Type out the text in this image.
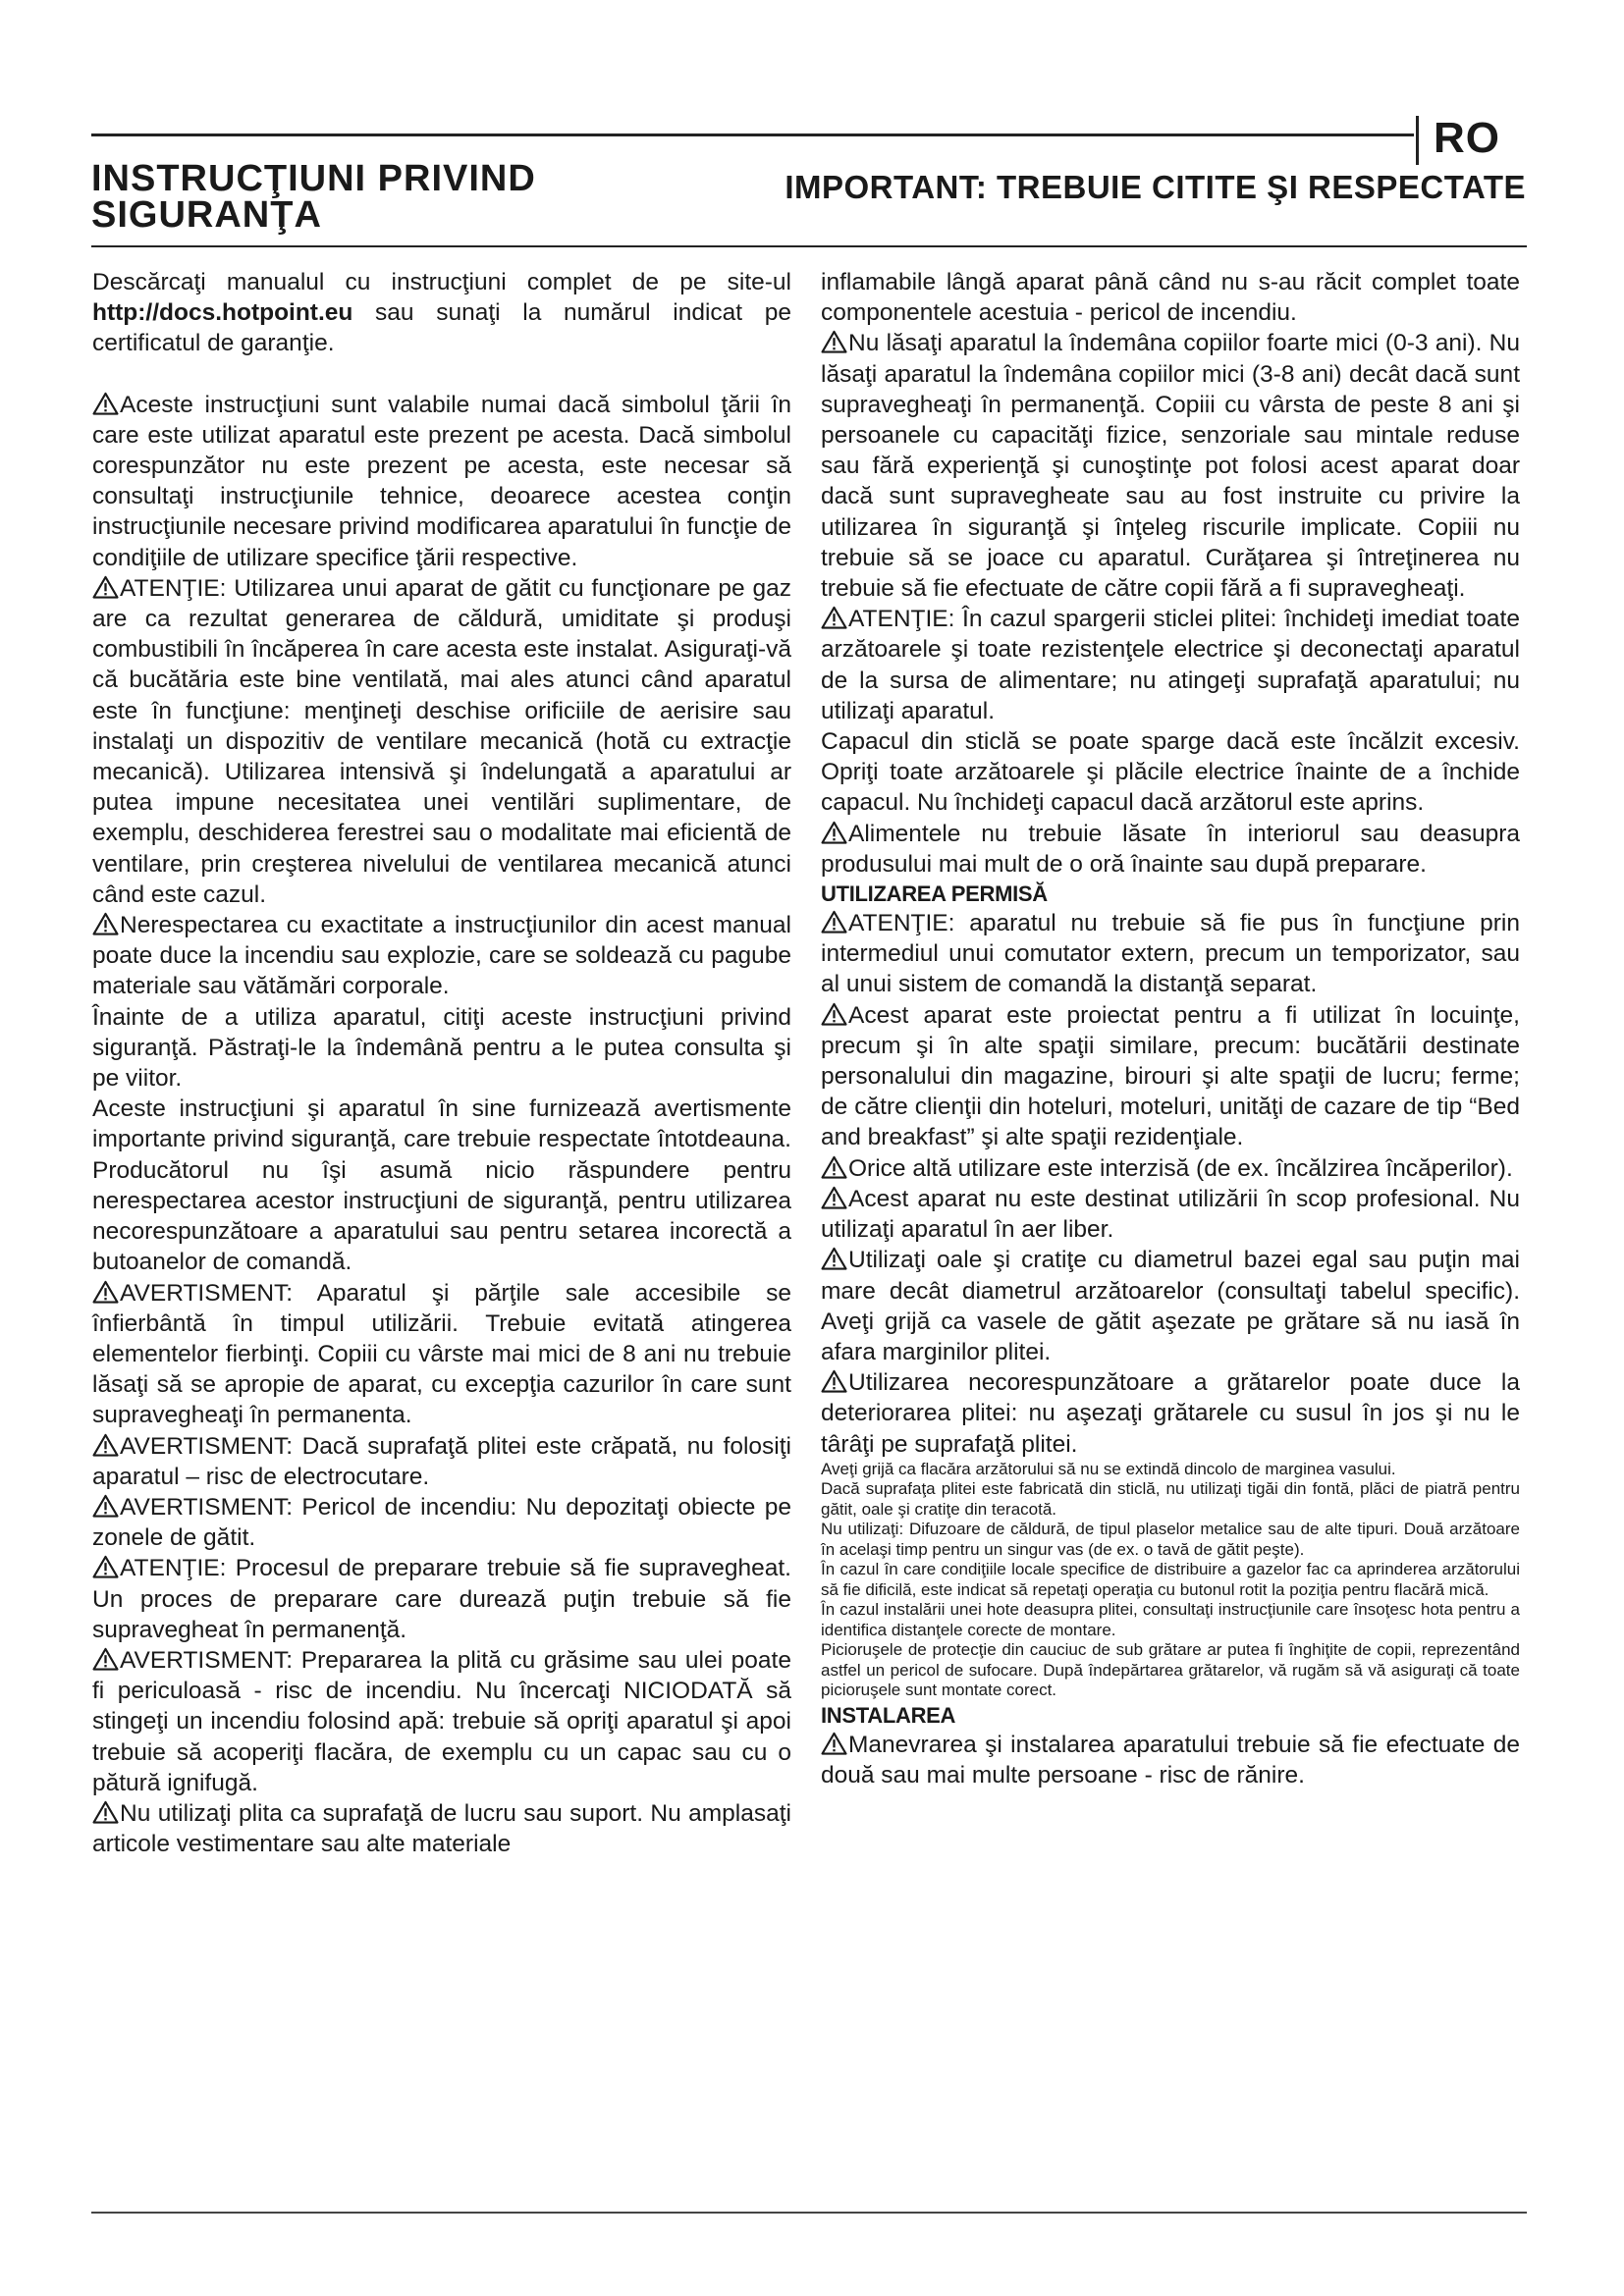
RO
INSTRUCŢIUNI PRIVIND
SIGURANŢA
IMPORTANT: TREBUIE CITITE ŞI RESPECTATE

Descărcaţi manualul cu instrucţiuni complet de pe site-ul http://docs.hotpoint.eu sau sunaţi la numărul indicat pe certificatul de garanţie.

Aceste instrucţiuni sunt valabile numai dacă simbolul ţării în care este utilizat aparatul este prezent pe acesta. Dacă simbolul corespunzător nu este prezent pe acesta, este necesar să consultaţi instrucţiunile tehnice, deoarece acestea conţin instrucţiunile necesare privind modificarea aparatului în funcţie de condiţiile de utilizare specifice ţării respective.

ATENŢIE: Utilizarea unui aparat de gătit cu funcţionare pe gaz are ca rezultat generarea de căldură, umiditate şi produşi combustibili în încăperea în care acesta este instalat. Asiguraţi-vă că bucătăria este bine ventilată, mai ales atunci când aparatul este în funcţiune: menţineţi deschise orificiile de aerisire sau instalaţi un dispozitiv de ventilare mecanică (hotă cu extracţie mecanică). Utilizarea intensivă şi îndelungată a aparatului ar putea impune necesitatea unei ventilări suplimentare, de exemplu, deschiderea ferestrei sau o modalitate mai eficientă de ventilare, prin creşterea nivelului de ventilarea mecanică atunci când este cazul.

Nerespectarea cu exactitate a instrucţiunilor din acest manual poate duce la incendiu sau explozie, care se soldează cu pagube materiale sau vătămări corporale.

Înainte de a utiliza aparatul, citiţi aceste instrucţiuni privind siguranţă. Păstraţi-le la îndemână pentru a le putea consulta şi pe viitor.

Aceste instrucţiuni şi aparatul în sine furnizează avertismente importante privind siguranţă, care trebuie respectate întotdeauna. Producătorul nu îşi asumă nicio răspundere pentru nerespectarea acestor instrucţiuni de siguranţă, pentru utilizarea necorespunzătoare a aparatului sau pentru setarea incorectă a butoanelor de comandă.

AVERTISMENT: Aparatul şi părţile sale accesibile se înfierbântă în timpul utilizării. Trebuie evitată atingerea elementelor fierbinţi. Copiii cu vârste mai mici de 8 ani nu trebuie lăsaţi să se apropie de aparat, cu excepţia cazurilor în care sunt supravegheaţi în permanenta.

AVERTISMENT: Dacă suprafaţă plitei este crăpată, nu folosiţi aparatul – risc de electrocutare.

AVERTISMENT: Pericol de incendiu: Nu depozitaţi obiecte pe zonele de gătit.

ATENŢIE: Procesul de preparare trebuie să fie supravegheat. Un proces de preparare care durează puţin trebuie să fie supravegheat în permanenţă.

AVERTISMENT: Prepararea la plită cu grăsime sau ulei poate fi periculoasă - risc de incendiu. Nu încercaţi NICIODATĂ să stingeţi un incendiu folosind apă: trebuie să opriţi aparatul şi apoi trebuie să acoperiţi flacăra, de exemplu cu un capac sau cu o pătură ignifugă.

Nu utilizaţi plita ca suprafaţă de lucru sau suport. Nu amplasaţi articole vestimentare sau alte materiale

inflamabile lângă aparat până când nu s-au răcit complet toate componentele acestuia - pericol de incendiu.

Nu lăsaţi aparatul la îndemâna copiilor foarte mici (0-3 ani). Nu lăsaţi aparatul la îndemâna copiilor mici (3-8 ani) decât dacă sunt supravegheaţi în permanenţă. Copiii cu vârsta de peste 8 ani şi persoanele cu capacităţi fizice, senzoriale sau mintale reduse sau fără experienţă şi cunoştinţe pot folosi acest aparat doar dacă sunt supravegheate sau au fost instruite cu privire la utilizarea în siguranţă şi înţeleg riscurile implicate. Copiii nu trebuie să se joace cu aparatul. Curăţarea şi întreţinerea nu trebuie să fie efectuate de către copii fără a fi supravegheaţi.

ATENŢIE: În cazul spargerii sticlei plitei: închideţi imediat toate arzătoarele şi toate rezistenţele electrice şi deconectaţi aparatul de la sursa de alimentare; nu atingeţi suprafaţă aparatului; nu utilizaţi aparatul.

Capacul din sticlă se poate sparge dacă este încălzit excesiv. Opriţi toate arzătoarele şi plăcile electrice înainte de a închide capacul. Nu închideţi capacul dacă arzătorul este aprins.

Alimentele nu trebuie lăsate în interiorul sau deasupra produsului mai mult de o oră înainte sau după preparare.

UTILIZAREA PERMISĂ

ATENŢIE: aparatul nu trebuie să fie pus în funcţiune prin intermediul unui comutator extern, precum un temporizator, sau al unui sistem de comandă la distanţă separat.

Acest aparat este proiectat pentru a fi utilizat în locuinţe, precum şi în alte spaţii similare, precum: bucătării destinate personalului din magazine, birouri şi alte spaţii de lucru; ferme; de către clienţii din hoteluri, moteluri, unităţi de cazare de tip “Bed and breakfast” şi alte spaţii rezidenţiale.

Orice altă utilizare este interzisă (de ex. încălzirea încăperilor).

Acest aparat nu este destinat utilizării în scop profesional. Nu utilizaţi aparatul în aer liber.

Utilizaţi oale şi cratiţe cu diametrul bazei egal sau puţin mai mare decât diametrul arzătoarelor (consultaţi tabelul specific). Aveţi grijă ca vasele de gătit aşezate pe grătare să nu iasă în afara marginilor plitei.

Utilizarea necorespunzătoare a grătarelor poate duce la deteriorarea plitei: nu aşezaţi grătarele cu susul în jos şi nu le târâţi pe suprafaţă plitei.

Aveţi grijă ca flacăra arzătorului să nu se extindă dincolo de marginea vasului.

Dacă suprafaţa plitei este fabricată din sticlă, nu utilizaţi tigăi din fontă, plăci de piatră pentru gătit, oale şi cratiţe din teracotă.

Nu utilizaţi: Difuzoare de căldură, de tipul plaselor metalice sau de alte tipuri. Două arzătoare în acelaşi timp pentru un singur vas (de ex. o tavă de gătit peşte).

În cazul în care condiţiile locale specifice de distribuire a gazelor fac ca aprinderea arzătorului să fie dificilă, este indicat să repetaţi operaţia cu butonul rotit la poziţia pentru flacără mică.

În cazul instalării unei hote deasupra plitei, consultaţi instrucţiunile care însoţesc hota pentru a identifica distanţele corecte de montare.

Picioruşele de protecţie din cauciuc de sub grătare ar putea fi înghiţite de copii, reprezentând astfel un pericol de sufocare. După îndepărtarea grătarelor, vă rugăm să vă asiguraţi că toate picioruşele sunt montate corect.

INSTALAREA

Manevrarea şi instalarea aparatului trebuie să fie efectuate de două sau mai multe persoane - risc de rănire.
